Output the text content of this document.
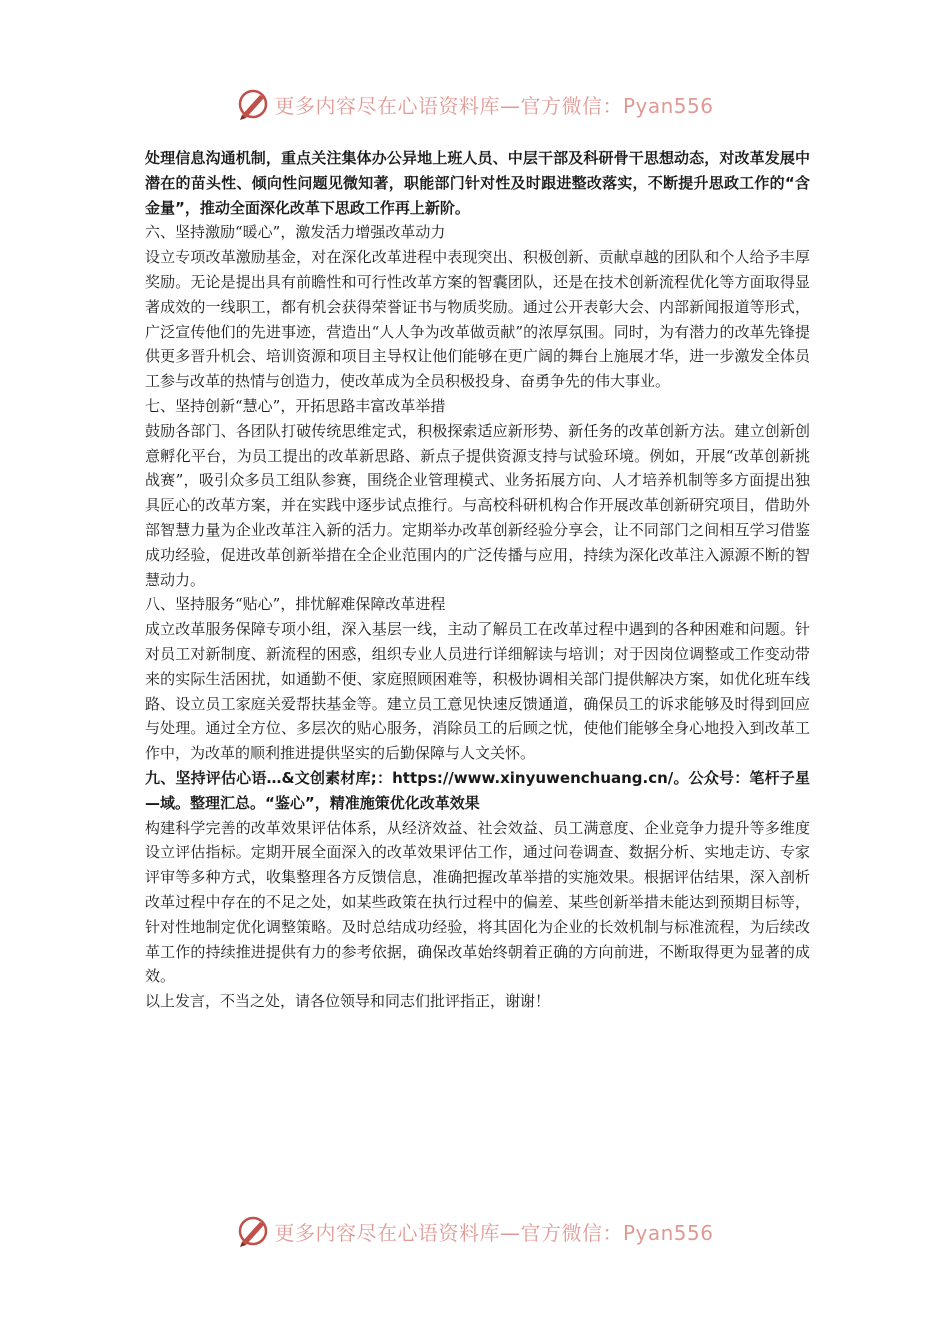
更多内容尽在心语资料库—官方微信：Pyan556

处理信息沟通机制，重点关注集体办公异地上班人员、中层干部及科研骨干思想动态，对改革发展中潜在的苗头性、倾向性问题见微知著，职能部门针对性及时跟进整改落实，不断提升思政工作的“含金量”，推动全面深化改革下思政工作再上新阶。

六、坚持激励“暖心”，激发活力增强改革动力

设立专项改革激励基金，对在深化改革进程中表现突出、积极创新、贡献卓越的团队和个人给予丰厚奖励。无论是提出具有前瞻性和可行性改革方案的智囊团队，还是在技术创新流程优化等方面取得显著成效的一线职工，都有机会获得荣誉证书与物质奖励。通过公开表彰大会、内部新闻报道等形式，广泛宣传他们的先进事迹，营造出“人人争为改革做贡献”的浓厚氛围。同时，为有潜力的改革先锋提供更多晋升机会、培训资源和项目主导权让他们能够在更广阔的舞台上施展才华，进一步激发全体员工参与改革的热情与创造力，使改革成为全员积极投身、奋勇争先的伟大事业。

七、坚持创新“慧心”，开拓思路丰富改革举措

鼓励各部门、各团队打破传统思维定式，积极探索适应新形势、新任务的改革创新方法。建立创新创意孵化平台，为员工提出的改革新思路、新点子提供资源支持与试验环境。例如，开展“改革创新挑战赛”，吸引众多员工组队参赛，围绕企业管理模式、业务拓展方向、人才培养机制等多方面提出独具匠心的改革方案，并在实践中逐步试点推行。与高校科研机构合作开展改革创新研究项目，借助外部智慧力量为企业改革注入新的活力。定期举办改革创新经验分享会，让不同部门之间相互学习借鉴成功经验，促进改革创新举措在全企业范围内的广泛传播与应用，持续为深化改革注入源源不断的智慧动力。

八、坚持服务“贴心”，排忧解难保障改革进程

成立改革服务保障专项小组，深入基层一线，主动了解员工在改革过程中遇到的各种困难和问题。针对员工对新制度、新流程的困惑，组织专业人员进行详细解读与培训；对于因岗位调整或工作变动带来的实际生活困扰，如通勤不便、家庭照顾困难等，积极协调相关部门提供解决方案，如优化班车线路、设立员工家庭关爱帮扶基金等。建立员工意见快速反馈通道，确保员工的诉求能够及时得到回应与处理。通过全方位、多层次的贴心服务，消除员工的后顾之忧，使他们能够全身心地投入到改革工作中，为改革的顺利推进提供坚实的后勤保障与人文关怀。

九、坚持评估心语…&文创素材库;：https://www.xinyuwenchuang.cn/。公众号：笔杆子星—域。整理汇总。“鉴心”，精准施策优化改革效果

构建科学完善的改革效果评估体系，从经济效益、社会效益、员工满意度、企业竞争力提升等多维度设立评估指标。定期开展全面深入的改革效果评估工作，通过问卷调查、数据分析、实地走访、专家评审等多种方式，收集整理各方反馈信息，准确把握改革举措的实施效果。根据评估结果，深入剖析改革过程中存在的不足之处，如某些政策在执行过程中的偏差、某些创新举措未能达到预期目标等，针对性地制定优化调整策略。及时总结成功经验，将其固化为企业的长效机制与标准流程，为后续改革工作的持续推进提供有力的参考依据，确保改革始终朝着正确的方向前进，不断取得更为显著的成效。

以上发言，不当之处，请各位领导和同志们批评指正，谢谢！

更多内容尽在心语资料库—官方微信：Pyan556
